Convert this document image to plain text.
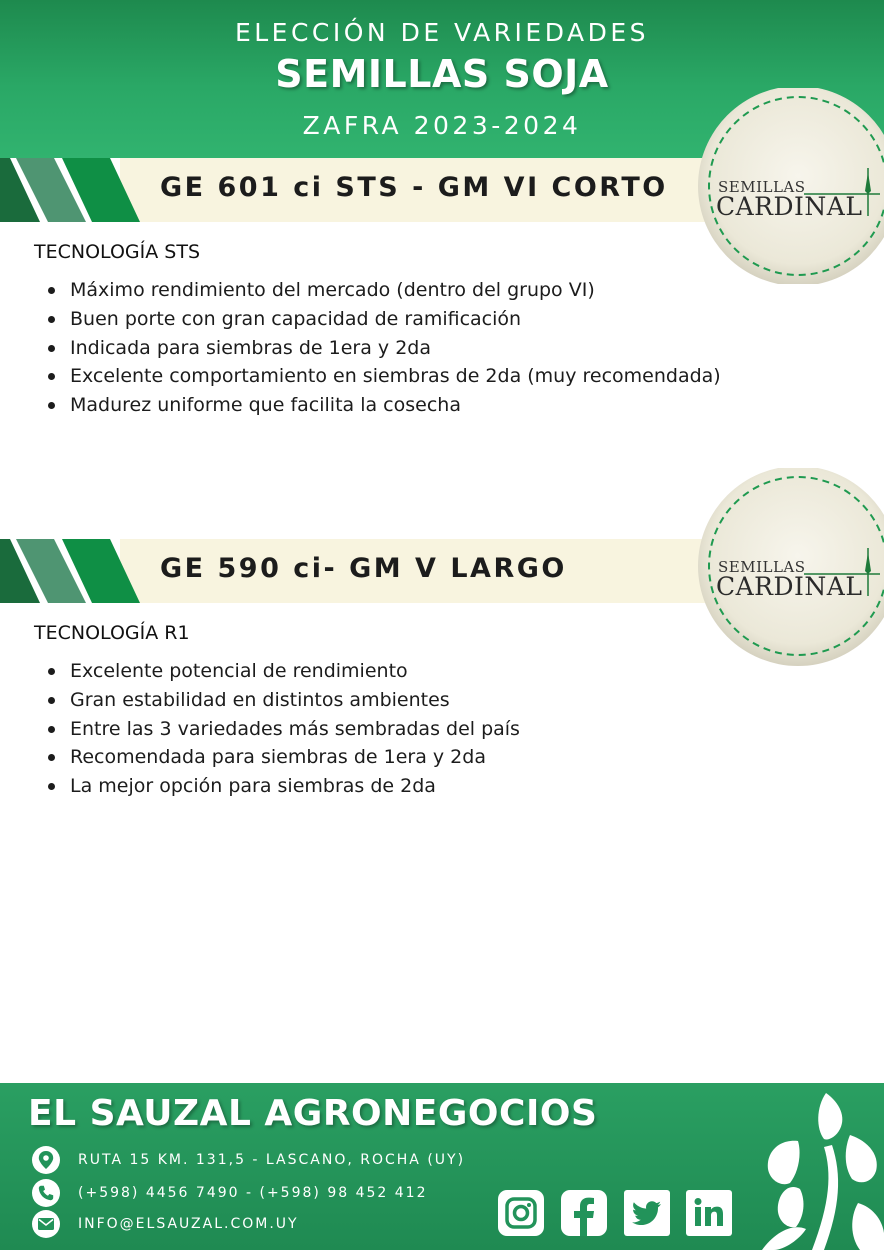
ELECCIÓN DE VARIEDADES
SEMILLAS SOJA
ZAFRA 2023-2024
GE 601 ci STS - GM VI CORTO	SEMILLAS
CARDINAL
TECNOLOGÍA STS
Máximo rendimiento del mercado (dentro del grupo VI)
Buen porte con gran capacidad de ramificación
Indicada para siembras de 1era y 2da
Excelente comportamiento en siembras de 2da (muy recomendada)
Madurez uniforme que facilita la cosecha
GE 590 ci- GM V LARGO	SEMILLAS
CARDINAL
TECNOLOGÍA R1
Excelente potencial de rendimiento
Gran estabilidad en distintos ambientes
Entre las 3 variedades más sembradas del país
Recomendada para siembras de 1era y 2da
La mejor opción para siembras de 2da
EL SAUZAL AGRONEGOCIOS
RUTA 15 KM. 131,5 - LASCANO, ROCHA (UY)
(+598) 4456 7490 - (+598) 98 452 412
INFO@ELSAUZAL.COM.UY
